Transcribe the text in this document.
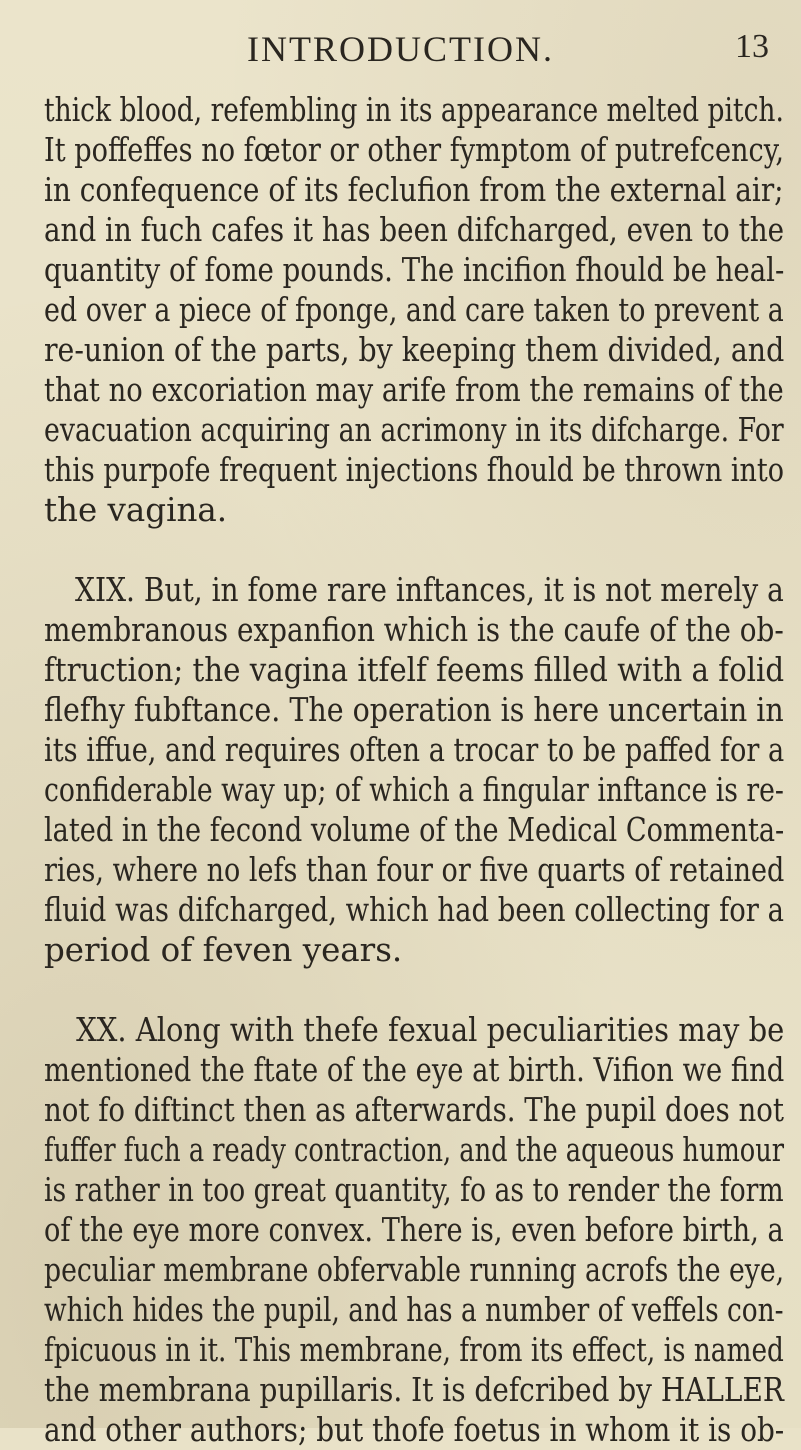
INTRODUCTION.	13
thick blood, refembling in its appearance melted pitch.
It poffeffes no fœtor or other fymptom of putrefcency,
in confequence of its feclufion from the external air;
and in fuch cafes it has been difcharged, even to the
quantity of fome pounds. The incifion fhould be heal-
ed over a piece of fponge, and care taken to prevent a
re-union of the parts, by keeping them divided, and
that no excoriation may arife from the remains of the
evacuation acquiring an acrimony in its difcharge. For
this purpofe frequent injections fhould be thrown into
the vagina.
XIX. But, in fome rare inftances, it is not merely a
membranous expanfion which is the caufe of the ob-
ftruction; the vagina itfelf feems filled with a folid
flefhy fubftance. The operation is here uncertain in
its iffue, and requires often a trocar to be paffed for a
confiderable way up; of which a fingular inftance is re-
lated in the fecond volume of the Medical Commenta-
ries, where no lefs than four or five quarts of retained
fluid was difcharged, which had been collecting for a
period of feven years.
XX. Along with thefe fexual peculiarities may be
mentioned the ftate of the eye at birth. Vifion we find
not fo diftinct then as afterwards. The pupil does not
fuffer fuch a ready contraction, and the aqueous humour
is rather in too great quantity, fo as to render the form
of the eye more convex. There is, even before birth, a
peculiar membrane obfervable running acrofs the eye,
which hides the pupil, and has a number of veffels con-
fpicuous in it. This membrane, from its effect, is named
the membrana pupillaris. It is defcribed by HALLER
and other authors; but thofe foetus in whom it is ob-
